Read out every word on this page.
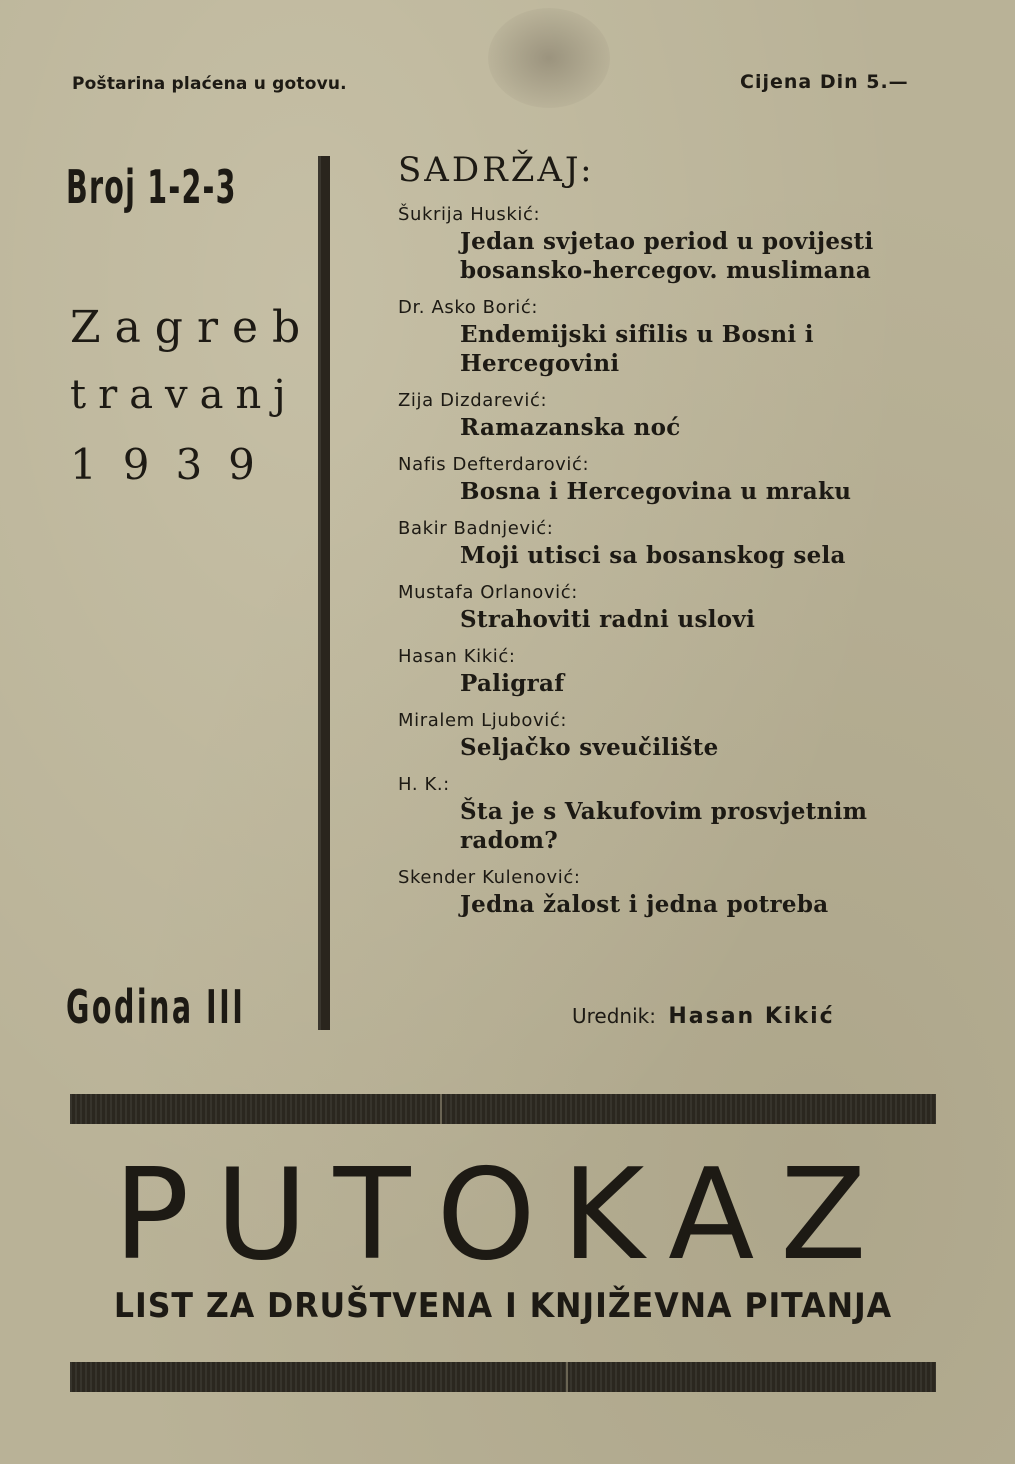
Poštarina plaćena u gotovu.	Cijena Din 5.—
Broj 1-2-3
Zagreb
travanj
1939
Godina III
SADRŽAJ:
Šukrija Huskić:
Jedan svjetao period u povijesti bosansko-hercegov. muslimana
Dr. Asko Borić:
Endemijski sifilis u Bosni i Hercegovini
Zija Dizdarević:
Ramazanska noć
Nafis Defterdarović:
Bosna i Hercegovina u mraku
Bakir Badnjević:
Moji utisci sa bosanskog sela
Mustafa Orlanović:
Strahoviti radni uslovi
Hasan Kikić:
Paligraf
Miralem Ljubović:
Seljačko sveučilište
H. K.:
Šta je s Vakufovim prosvjetnim radom?
Skender Kulenović:
Jedna žalost i jedna potreba
Urednik: Hasan Kikić
PUTOKAZ
LIST ZA DRUŠTVENA I KNJIŽEVNA PITANJA
